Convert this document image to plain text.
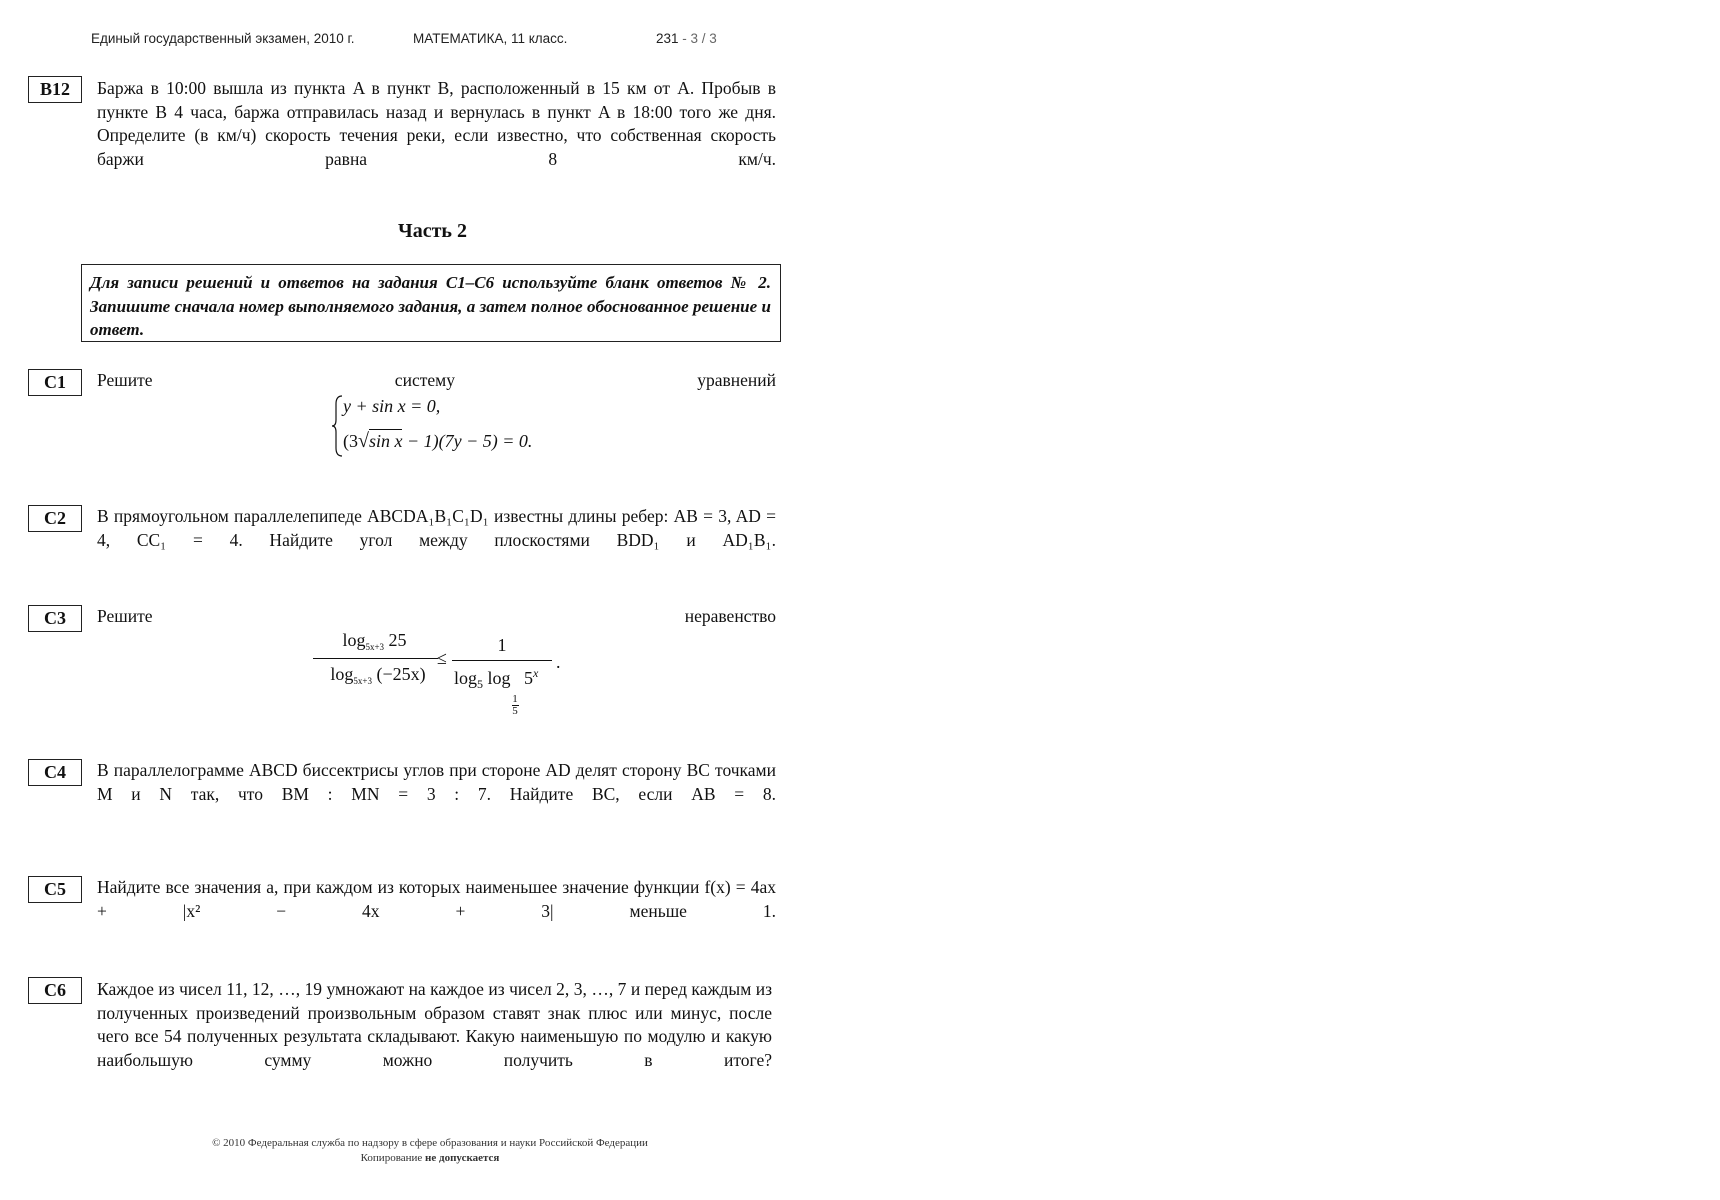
Единый государственный экзамен, 2010 г.	МАТЕМАТИКА, 11 класс.	231 - 3 / 3
B12	Баржа в 10:00 вышла из пункта A в пункт B, расположенный в 15 км от A. Пробыв в пункте B 4 часа, баржа отправилась назад и вернулась в пункт A в 18:00 того же дня. Определите (в км/ч) скорость течения реки, если известно, что собственная скорость баржи равна 8 км/ч.
Часть 2
Для записи решений и ответов на задания С1–С6 используйте бланк ответов № 2. Запишите сначала номер выполняемого задания, а затем полное обоснованное решение и ответ.
C1	Решите систему уравнений
y + sin x = 0,
(3√sin x − 1)(7y − 5) = 0.
C2	В прямоугольном параллелепипеде ABCDA₁B₁C₁D₁ известны длины ребер: AB = 3, AD = 4, CC₁ = 4. Найдите угол между плоскостями BDD₁ и AD₁B₁.
C3	Решите неравенство
$\log_{5x+3} 25$
$\log_{5x+3} (-25x)$
≤
1
$\log_5 \log$
$\frac{1}{5}$
5$^x$
.
C4	В параллелограмме ABCD биссектрисы углов при стороне AD делят сторону BC точками M и N так, что BM : MN = 3 : 7. Найдите BC, если AB = 8.
C5	Найдите все значения a, при каждом из которых наименьшее значение функции f(x) = 4ax + |x² − 4x + 3| меньше 1.
C6	Каждое из чисел 11, 12, …, 19 умножают на каждое из чисел 2, 3, …, 7 и перед каждым из полученных произведений произвольным образом ставят знак плюс или минус, после чего все 54 полученных результата складывают. Какую наименьшую по модулю и какую наибольшую сумму можно получить в итоге?
© 2010 Федеральная служба по надзору в сфере образования и науки Российской Федерации
Копирование не допускается
